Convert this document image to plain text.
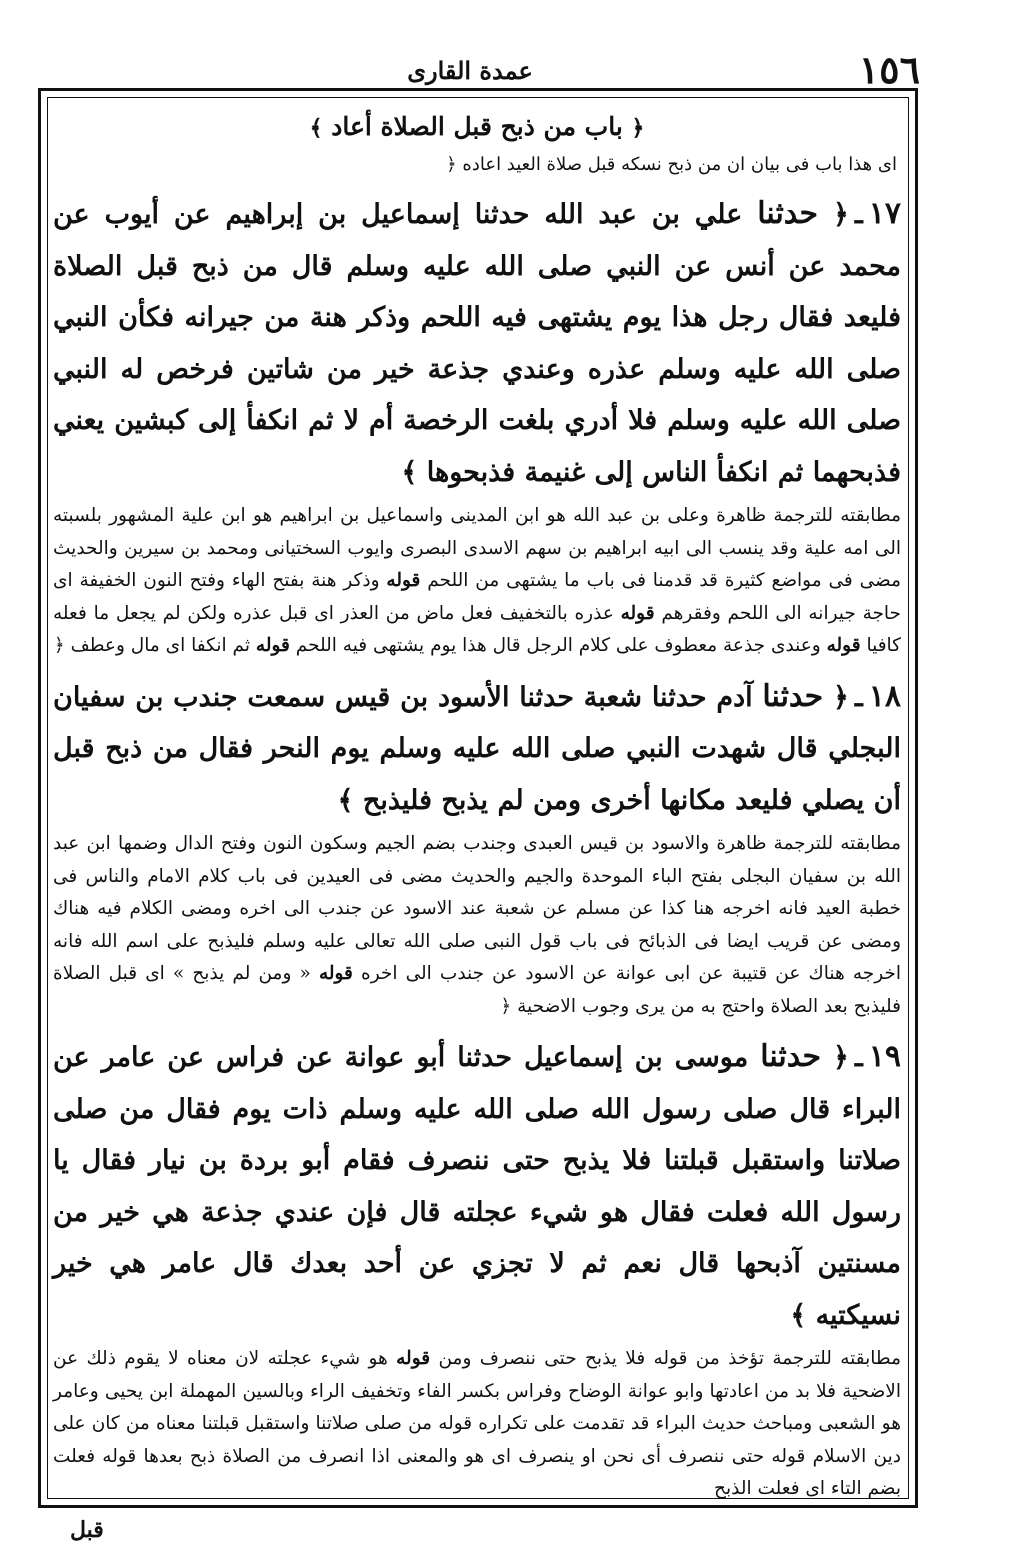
١٥٦
عمدة القارى
﴿ باب من ذبح قبل الصلاة أعاد ﴾
اى هذا باب فى بيان ان من ذبح نسكه قبل صلاة العيد اعاده ﴿
١٧ـ﴿ حدثنا علي بن عبد الله حدثنا إسماعيل بن إبراهيم عن أيوب عن محمد عن أنس عن النبي صلى الله عليه وسلم قال من ذبح قبل الصلاة فليعد فقال رجل هذا يوم يشتهى فيه اللحم وذكر هنة من جيرانه فكأن النبي صلى الله عليه وسلم عذره وعندي جذعة خير من شاتين فرخص له النبي صلى الله عليه وسلم فلا أدري بلغت الرخصة أم لا ثم انكفأ إلى كبشين يعني فذبحهما ثم انكفأ الناس إلى غنيمة فذبحوها ﴾
مطابقته للترجمة ظاهرة وعلى بن عبد الله هو ابن المدينى واسماعيل بن ابراهيم هو ابن علية المشهور بلسبته الى امه علية وقد ينسب الى ابيه ابراهيم بن سهم الاسدى البصرى وايوب السختيانى ومحمد بن سيرين والحديث مضى فى مواضع كثيرة قد قدمنا فى باب ما يشتهى من اللحم قوله وذكر هنة بفتح الهاء وفتح النون الخفيفة اى حاجة جيرانه الى اللحم وفقرهم قوله عذره بالتخفيف فعل ماض من العذر اى قبل عذره ولكن لم يجعل ما فعله كافيا قوله وعندى جذعة معطوف على كلام الرجل قال هذا يوم يشتهى فيه اللحم قوله ثم انكفا اى مال وعطف ﴿
١٨ـ﴿ حدثنا آدم حدثنا شعبة حدثنا الأسود بن قيس سمعت جندب بن سفيان البجلي قال شهدت النبي صلى الله عليه وسلم يوم النحر فقال من ذبح قبل أن يصلي فليعد مكانها أخرى ومن لم يذبح فليذبح ﴾
مطابقته للترجمة ظاهرة والاسود بن قيس العبدى وجندب بضم الجيم وسكون النون وفتح الدال وضمها ابن عبد الله بن سفيان البجلى بفتح الباء الموحدة والجيم والحديث مضى فى العيدين فى باب كلام الامام والناس فى خطبة العيد فانه اخرجه هنا كذا عن مسلم عن شعبة عند الاسود عن جندب الى اخره ومضى الكلام فيه هناك ومضى عن قريب ايضا فى الذبائح فى باب قول النبى صلى الله تعالى عليه وسلم فليذبح على اسم الله فانه اخرجه هناك عن قتيبة عن ابى عوانة عن الاسود عن جندب الى اخره قوله « ومن لم يذبح » اى قبل الصلاة فليذبح بعد الصلاة واحتج به من يرى وجوب الاضحية ﴿
١٩ـ﴿ حدثنا موسى بن إسماعيل حدثنا أبو عوانة عن فراس عن عامر عن البراء قال صلى رسول الله صلى الله عليه وسلم ذات يوم فقال من صلى صلاتنا واستقبل قبلتنا فلا يذبح حتى ننصرف فقام أبو بردة بن نيار فقال يا رسول الله فعلت فقال هو شيء عجلته قال فإن عندي جذعة هي خير من مسنتين آذبحها قال نعم ثم لا تجزي عن أحد بعدك قال عامر هي خير نسيكتيه ﴾
مطابقته للترجمة تؤخذ من قوله فلا يذبح حتى ننصرف ومن قوله هو شيء عجلته لان معناه لا يقوم ذلك عن الاضحية فلا بد من اعادتها وابو عوانة الوضاح وفراس بكسر الفاء وتخفيف الراء وبالسين المهملة ابن يحيى وعامر هو الشعبى ومباحث حديث البراء قد تقدمت على تكراره قوله من صلى صلاتنا واستقبل قبلتنا معناه من كان على دين الاسلام قوله حتى ننصرف أى نحن او ينصرف اى هو والمعنى اذا انصرف من الصلاة ذبح بعدها قوله فعلت بضم التاء اى فعلت الذبح
قبل
